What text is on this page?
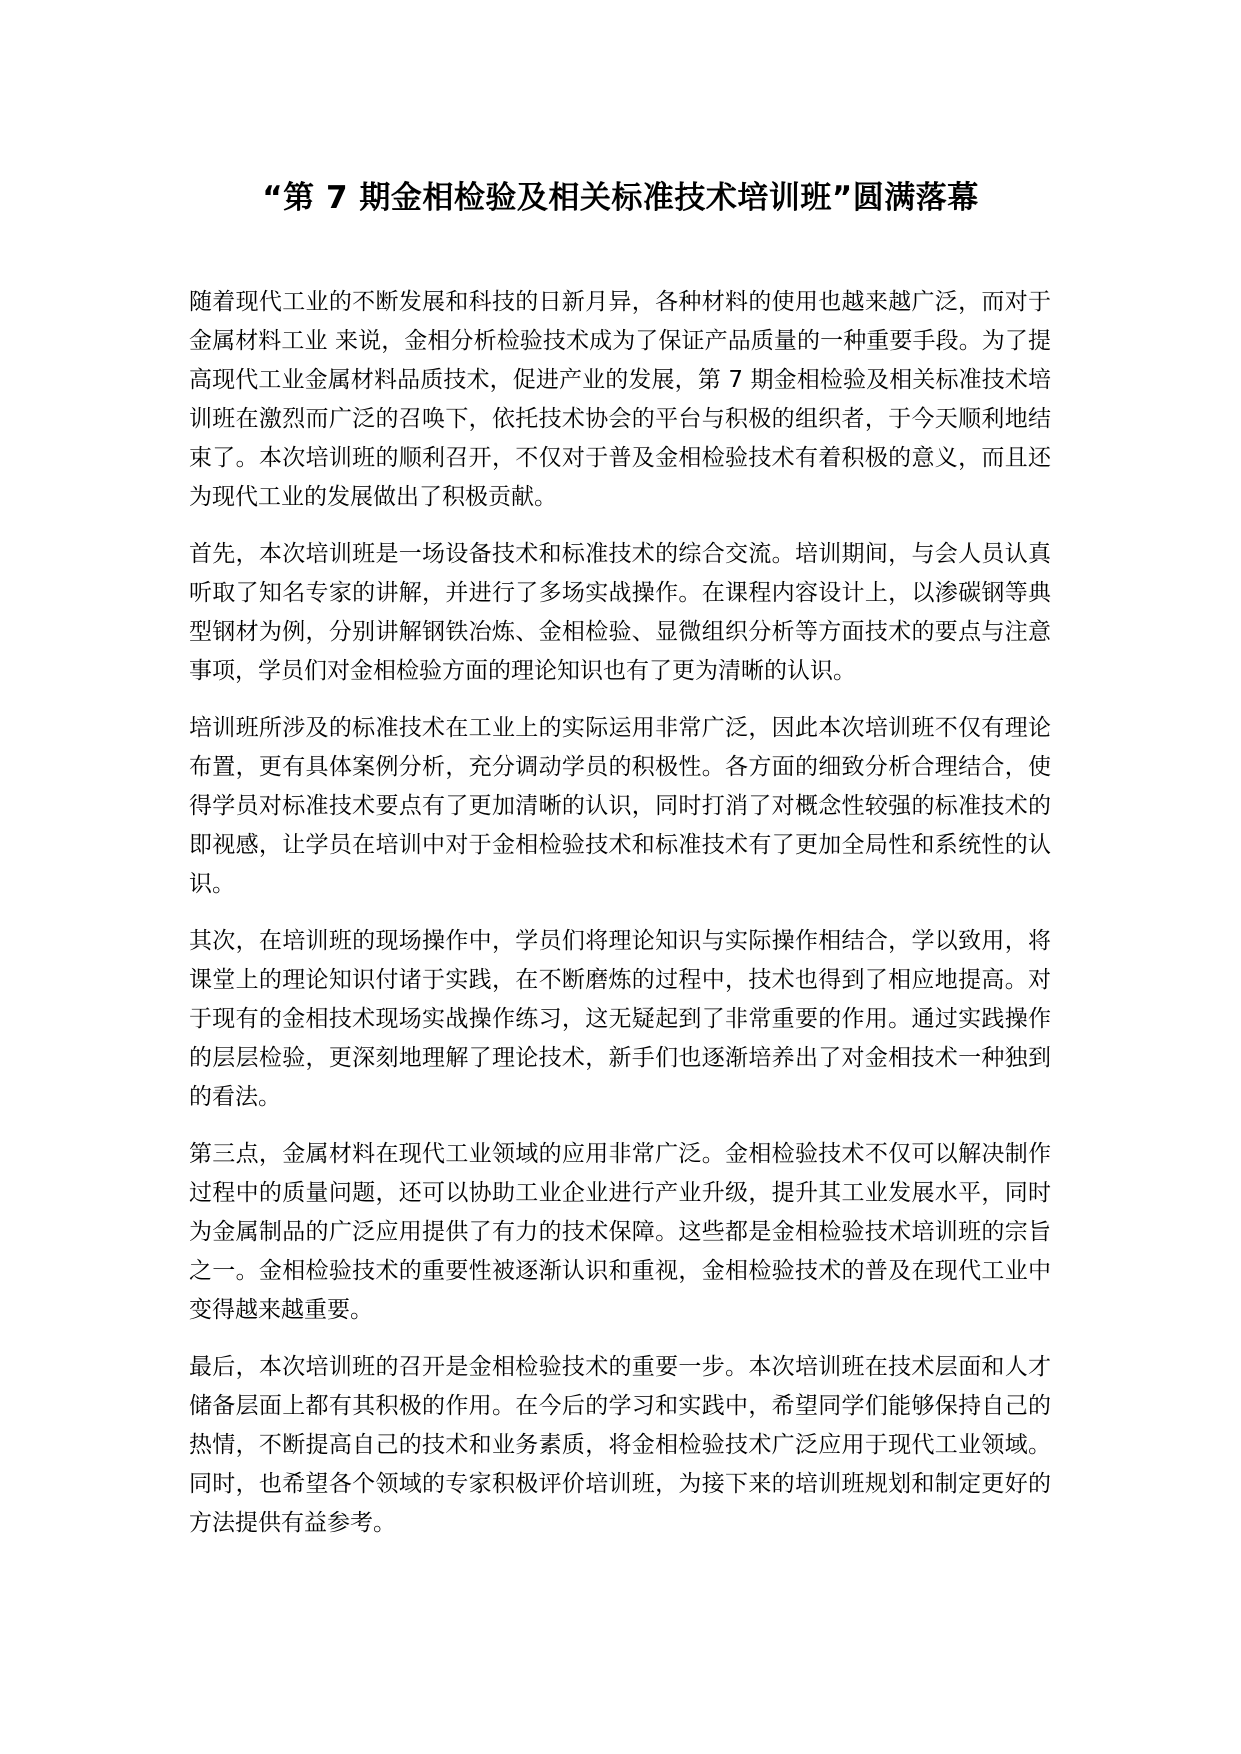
“第 7 期金相检验及相关标准技术培训班”圆满落幕

随着现代工业的不断发展和科技的日新月异，各种材料的使用也越来越广泛，而对于金属材料工业 来说，金相分析检验技术成为了保证产品质量的一种重要手段。为了提高现代工业金属材料品质技术，促进产业的发展，第 7 期金相检验及相关标准技术培训班在激烈而广泛的召唤下，依托技术协会的平台与积极的组织者，于今天顺利地结束了。本次培训班的顺利召开，不仅对于普及金相检验技术有着积极的意义，而且还为现代工业的发展做出了积极贡献。

首先，本次培训班是一场设备技术和标准技术的综合交流。培训期间，与会人员认真听取了知名专家的讲解，并进行了多场实战操作。在课程内容设计上，以渗碳钢等典型钢材为例，分别讲解钢铁冶炼、金相检验、显微组织分析等方面技术的要点与注意事项，学员们对金相检验方面的理论知识也有了更为清晰的认识。

培训班所涉及的标准技术在工业上的实际运用非常广泛，因此本次培训班不仅有理论布置，更有具体案例分析，充分调动学员的积极性。各方面的细致分析合理结合，使得学员对标准技术要点有了更加清晰的认识，同时打消了对概念性较强的标准技术的即视感，让学员在培训中对于金相检验技术和标准技术有了更加全局性和系统性的认识。

其次，在培训班的现场操作中，学员们将理论知识与实际操作相结合，学以致用，将课堂上的理论知识付诸于实践，在不断磨炼的过程中，技术也得到了相应地提高。对于现有的金相技术现场实战操作练习，这无疑起到了非常重要的作用。通过实践操作的层层检验，更深刻地理解了理论技术，新手们也逐渐培养出了对金相技术一种独到的看法。

第三点，金属材料在现代工业领域的应用非常广泛。金相检验技术不仅可以解决制作过程中的质量问题，还可以协助工业企业进行产业升级，提升其工业发展水平，同时为金属制品的广泛应用提供了有力的技术保障。这些都是金相检验技术培训班的宗旨之一。金相检验技术的重要性被逐渐认识和重视，金相检验技术的普及在现代工业中变得越来越重要。

最后，本次培训班的召开是金相检验技术的重要一步。本次培训班在技术层面和人才储备层面上都有其积极的作用。在今后的学习和实践中，希望同学们能够保持自己的热情，不断提高自己的技术和业务素质，将金相检验技术广泛应用于现代工业领域。同时，也希望各个领域的专家积极评价培训班，为接下来的培训班规划和制定更好的方法提供有益参考。
